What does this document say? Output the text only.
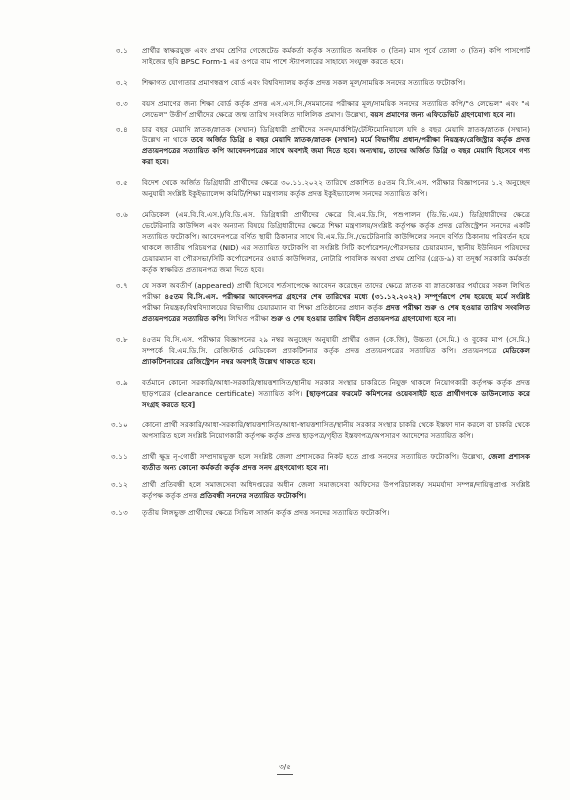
৩.১	প্রার্থীর স্বাক্ষরযুক্ত এবং প্রথম শ্রেণির গেজেটেড কর্মকর্তা কর্তৃক সত্যায়িত অনধিক ৩ (তিন) মাস পূর্বে তোলা ৩ (তিন) কপি পাসপোর্ট সাইজের ছবি BPSC Form-1 এর ওপরে বাম পাশে স্ট্যাপলারের সাহায্যে সংযুক্ত করতে হবে।
৩.২	শিক্ষাগত যোগ্যতার প্রমাণস্বরূপ বোর্ড এবং বিশ্ববিদ্যালয় কর্তৃক প্রদত্ত সকল মূল/সাময়িক সনদের সত্যায়িত ফটোকপি।
৩.৩	বয়স প্রমাণের জন্য শিক্ষা বোর্ড কর্তৃক প্রদত্ত এস.এস.সি./সমমানের পরীক্ষার মূল/সাময়িক সনদের সত্যায়িত কপি/"ও লেভেল" এবং "এ লেভেল" উত্তীর্ণ প্রার্থীদের ক্ষেত্রে জন্ম তারিখ সংবলিত দালিলিক প্রমাণ। উল্লেখ্য, বয়স প্রমাণের জন্য এফিডেভিট গ্রহণযোগ্য হবে না।
৩.৪	চার বছর মেয়াদি স্নাতক/স্নাতক (সম্মান) ডিগ্রিধারী প্রার্থীদের সনদ/মার্কশিট/টেস্টিমোনিয়ালে যদি ৪ বছর মেয়াদি স্নাতক/স্নাতক (সম্মান) উল্লেখ না থাকে তবে অর্জিত ডিগ্রি ৪ বছর মেয়াদি স্নাতক/স্নাতক (সম্মান) মর্মে বিভাগীয় প্রধান/পরীক্ষা নিয়ন্ত্রক/রেজিস্ট্রার কর্তৃক প্রদত্ত প্রত্যয়নপত্রের সত্যায়িত কপি আবেদনপত্রের সাথে অবশ্যই জমা দিতে হবে। অন্যথায়, তাদের অর্জিত ডিগ্রি ৩ বছর মেয়াদি হিসেবে গণ্য করা হবে।
৩.৫	বিদেশ থেকে অর্জিত ডিগ্রিধারী প্রার্থীদের ক্ষেত্রে ৩০.১১.২০২২ তারিখে প্রকাশিত ৪৫তম বি.সি.এস. পরীক্ষার বিজ্ঞাপনের ১.২ অনুচ্ছেদ অনুযায়ী সংশ্লিষ্ট ইকুইভ্যালেন্স কমিটি/শিক্ষা মন্ত্রণালয় কর্তৃক প্রদত্ত ইকুইভ্যালেন্স সনদের সত্যায়িত কপি।
৩.৬	মেডিকেল (এম.বি.বি.এস.)/বি.ডি.এস. ডিগ্রিধারী প্রার্থীদের ক্ষেত্রে বি.এম.ডি.সি, পশুপালন (ডি.ভি.এম.) ডিগ্রিধারীদের ক্ষেত্রে ভেটেরিনারি কাউন্সিল এবং অন্যান্য বিষয়ে ডিগ্রিধারীদের ক্ষেত্রে শিক্ষা মন্ত্রণালয়/সংশ্লিষ্ট কর্তৃপক্ষ কর্তৃক প্রদত্ত রেজিস্ট্রেশন সনদের একটি সত্যায়িত ফটোকপি। আবেদনপত্রে বর্ণিত স্থায়ী ঠিকানার সাথে বি.এম.ডি.সি./ভেটেরিনারি কাউন্সিলের সনদে বর্ণিত ঠিকানায় পরিবর্তন হয়ে থাকলে জাতীয় পরিচয়পত্র (NID) এর সত্যায়িত ফটোকপি বা সংশ্লিষ্ট সিটি কর্পোরেশন/পৌরসভার চেয়ারম্যান, স্থানীয় ইউনিয়ন পরিষদের চেয়ারম্যান বা পৌরসভা/সিটি কর্পোরেশনের ওয়ার্ড কাউন্সিলর, নোটারি পাবলিক অথবা প্রথম শ্রেণির (গ্রেড-৯) বা তদূর্ধ্ব সরকারি কর্মকর্তা কর্তৃক স্বাক্ষরিত প্রত্যয়নপত্র জমা দিতে হবে।
৩.৭	যে সকল অবতীর্ণ (appeared) প্রার্থী হিসেবে শর্তসাপেক্ষে আবেদন করেছেন তাদের ক্ষেত্রে স্নাতক বা স্নাতকোত্তর পর্যায়ের সকল লিখিত পরীক্ষা ৪৫তম বি.সি.এস. পরীক্ষার আবেদনপত্র গ্রহণের শেষ তারিখের মধ্যে (৩১.১২.২০২২) সম্পূর্ণরূপে শেষ হয়েছে মর্মে সংশ্লিষ্ট পরীক্ষা নিয়ন্ত্রক/বিশ্ববিদ্যালয়ের বিভাগীয় চেয়ারম্যান বা শিক্ষা প্রতিষ্ঠানের প্রধান কর্তৃক প্রদত্ত পরীক্ষা শুরু ও শেষ হওয়ার তারিখ সংবলিত প্রত্যয়নপত্রের সত্যায়িত কপি। লিখিত পরীক্ষা শুরু ও শেষ হওয়ার তারিখ বিহীন প্রত্যয়নপত্র গ্রহণযোগ্য হবে না।
৩.৮	৪৫তম বি.সি.এস. পরীক্ষার বিজ্ঞাপনের ২৯ নম্বর অনুচ্ছেদ অনুযায়ী প্রার্থীর ওজন (কে.জি), উচ্চতা (সে.মি.) ও বুকের মাপ (সে.মি.) সম্পর্কে বি.এম.ডি.সি. রেজিস্টার্ড মেডিকেল প্র্যাকটিশনার কর্তৃক প্রদত্ত প্রত্যয়নপত্রের সত্যায়িত কপি। প্রত্যয়নপত্রে মেডিকেল প্র্যাকটিশনারের রেজিস্ট্রেশন নম্বর অবশ্যই উল্লেখ থাকতে হবে।
৩.৯	বর্তমানে কোনো সরকারি/আধা-সরকারি/স্বায়ত্তশাসিত/স্থানীয় সরকার সংস্থার চাকরিতে নিযুক্ত থাকলে নিয়োগকারী কর্তৃপক্ষ কর্তৃক প্রদত্ত ছাড়পত্রের (clearance certificate) সত্যায়িত কপি। [ছাড়পত্রের ফরমেট কমিশনের ওয়েবসাইট হতে প্রার্থীগণকে ডাউনলোড করে সংগ্রহ করতে হবে]
৩.১০	কোনো প্রার্থী সরকারি/আধা-সরকারি/স্বায়ত্তশাসিত/আধা-স্বায়ত্তশাসিত/স্থানীয় সরকার সংস্থার চাকরি থেকে ইস্তফা দান করলে বা চাকরি থেকে অপসারিত হলে সংশ্লিষ্ট নিয়োগকারী কর্তৃপক্ষ কর্তৃক প্রদত্ত ছাড়পত্র/গৃহীত ইস্তফাপত্র/অপসারণ আদেশের সত্যায়িত কপি।
৩.১১	প্রার্থী ক্ষুদ্র নৃ-গোষ্ঠী সম্প্রদায়ভুক্ত হলে সংশ্লিষ্ট জেলা প্রশাসকের নিকট হতে প্রাপ্ত সনদের সত্যায়িত ফটোকপি। উল্লেখ্য, জেলা প্রশাসক ব্যতীত অন্য কোনো কর্মকর্তা কর্তৃক প্রদত্ত সনদ গ্রহণযোগ্য হবে না।
৩.১২	প্রার্থী প্রতিবন্ধী হলে সমাজসেবা অধিদপ্তরের অধীন জেলা সমাজসেবা অফিসের উপপরিচালক/ সমমর্যাদা সম্পন্ন/দায়িত্বপ্রাপ্ত সংশ্লিষ্ট কর্তৃপক্ষ কর্তৃক প্রদত্ত প্রতিবন্ধী সনদের সত্যায়িত ফটোকপি।
৩.১৩	তৃতীয় লিঙ্গভুক্ত প্রার্থীদের ক্ষেত্রে সিভিল সার্জন কর্তৃক প্রদত্ত সনদের সত্যায়িত ফটোকপি।
৩/৫
